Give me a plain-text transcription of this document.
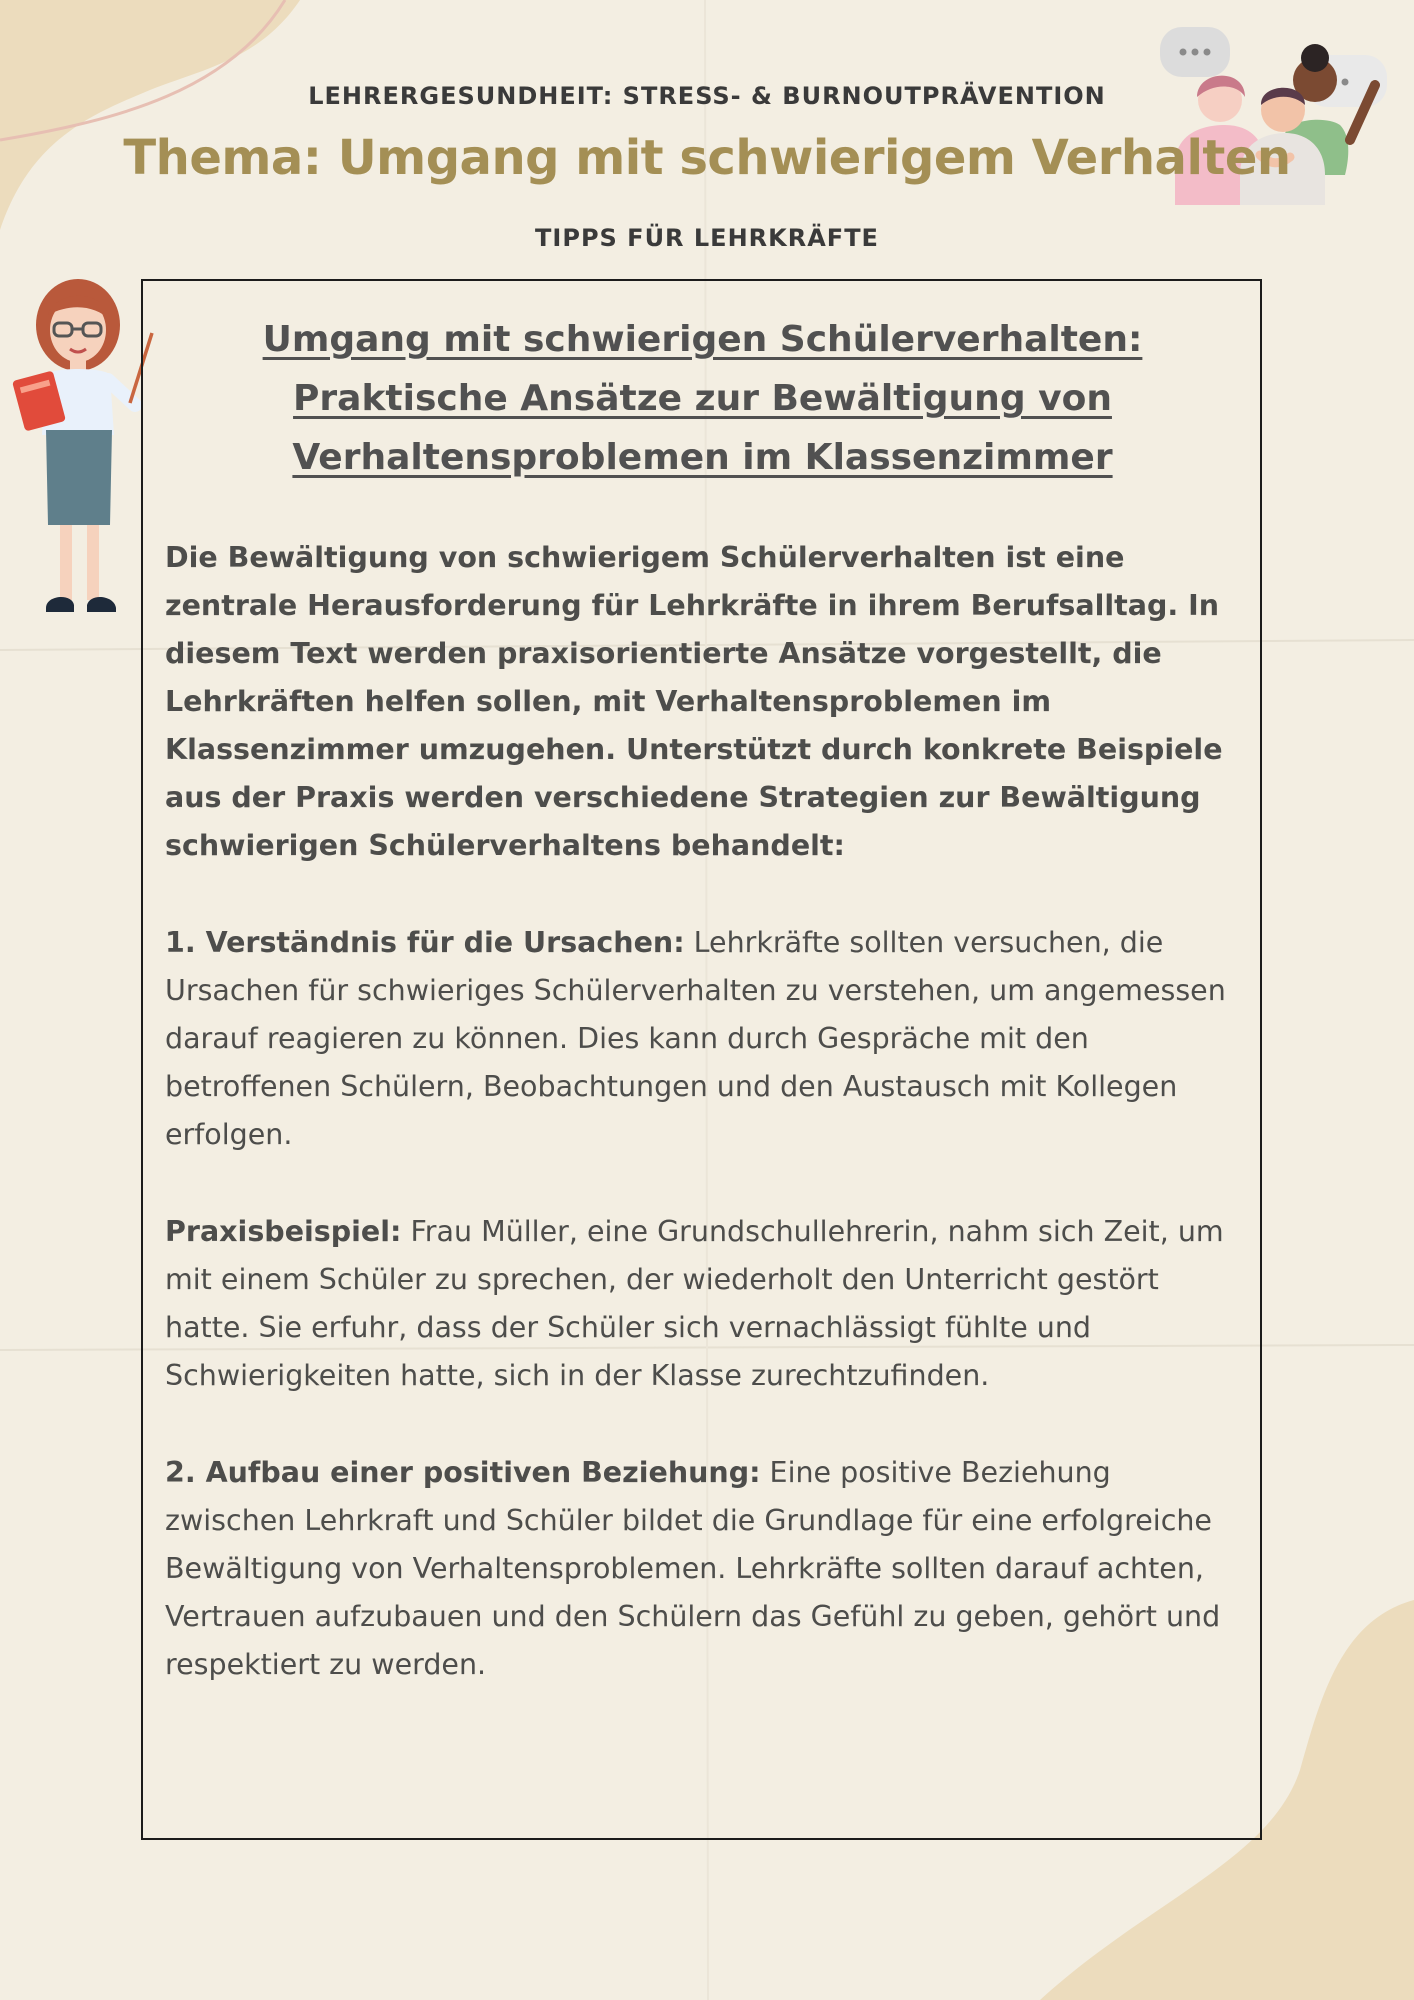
LEHRERGESUNDHEIT: STRESS- & BURNOUTPRÄVENTION
Thema: Umgang mit schwierigem Verhalten
TIPPS FÜR LEHRKRÄFTE
Umgang mit schwierigen Schülerverhalten: Praktische Ansätze zur Bewältigung von Verhaltensproblemen im Klassenzimmer
Die Bewältigung von schwierigem Schülerverhalten ist eine zentrale Herausforderung für Lehrkräfte in ihrem Berufsalltag. In diesem Text werden praxisorientierte Ansätze vorgestellt, die Lehrkräften helfen sollen, mit Verhaltensproblemen im Klassenzimmer umzugehen. Unterstützt durch konkrete Beispiele aus der Praxis werden verschiedene Strategien zur Bewältigung schwierigen Schülerverhaltens behandelt:
1. Verständnis für die Ursachen: Lehrkräfte sollten versuchen, die Ursachen für schwieriges Schülerverhalten zu verstehen, um angemessen darauf reagieren zu können. Dies kann durch Gespräche mit den betroffenen Schülern, Beobachtungen und den Austausch mit Kollegen erfolgen.
Praxisbeispiel: Frau Müller, eine Grundschullehrerin, nahm sich Zeit, um mit einem Schüler zu sprechen, der wiederholt den Unterricht gestört hatte. Sie erfuhr, dass der Schüler sich vernachlässigt fühlte und Schwierigkeiten hatte, sich in der Klasse zurechtzufinden.
2. Aufbau einer positiven Beziehung: Eine positive Beziehung zwischen Lehrkraft und Schüler bildet die Grundlage für eine erfolgreiche Bewältigung von Verhaltensproblemen. Lehrkräfte sollten darauf achten, Vertrauen aufzubauen und den Schülern das Gefühl zu geben, gehört und respektiert zu werden.
